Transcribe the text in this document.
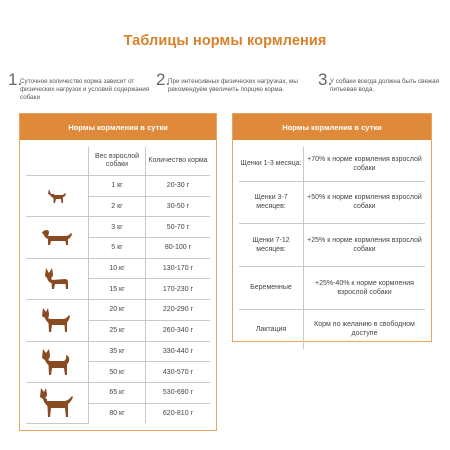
Таблицы нормы кормления
1.
Суточное количество корма зависит от физических нагрузок и условий содержания собаки
2.
При интенсивных физических нагрузках, мы рекомендуем увеличить порцию корма.
3.
У собаки всегда должна быть свежая питьевая вода.
Нормы кормления в сутки
	Вес взрослой собаки	Количество корма

	1 кг	20-30 г
	2 кг	30-50 г

	3 кг	50-70 г
	5 кг	80-100 г

	10 кг	130-170 г
	15 кг	170-230 г

	20 кг	220-290 г
	25 кг	260-340 г

	35 кг	330-440 г
	50 кг	430-570 г

	65 кг	530-690 г
	80 кг	620-810 г
Нормы кормления в сутки
Щенки 1-3 месяца:	+70% к норме кормления взрослой собаки
Щенки 3-7 месяцев:	+50% к норме кормления взрослой собаки
Щенки 7-12 месяцев:	+25% к норме кормления взрослой собаки
Беременные	+25%-40% к норме кормления взрослой собаки
Лактация	Корм по желанию в свободном доступе
